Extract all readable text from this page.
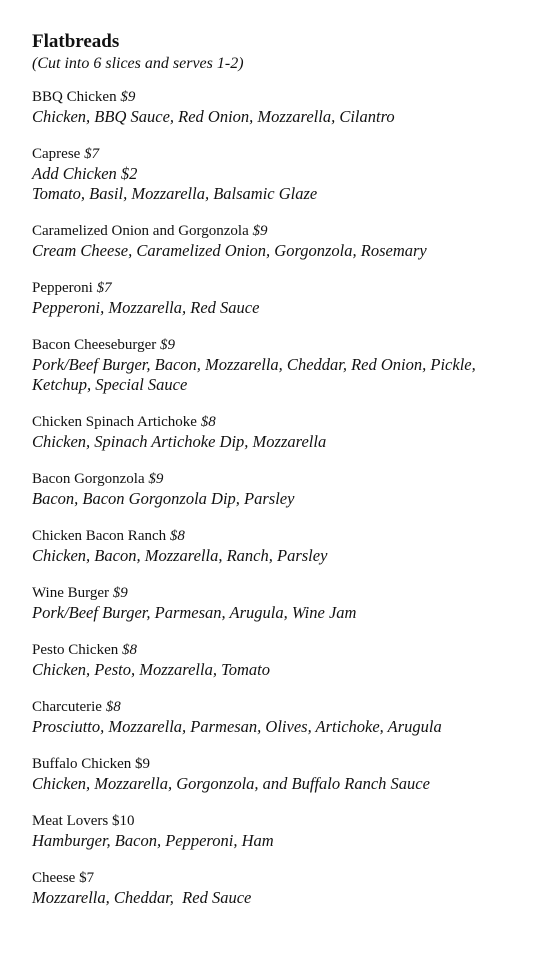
Flatbreads

(Cut into 6 slices and serves 1-2)

BBQ Chicken $9
Chicken, BBQ Sauce, Red Onion, Mozzarella, Cilantro
Caprese $7
Add Chicken $2
Tomato, Basil, Mozzarella, Balsamic Glaze
Caramelized Onion and Gorgonzola $9
Cream Cheese, Caramelized Onion, Gorgonzola, Rosemary
Pepperoni $7
Pepperoni, Mozzarella, Red Sauce
Bacon Cheeseburger $9
Pork/Beef Burger, Bacon, Mozzarella, Cheddar, Red Onion, Pickle,
Ketchup, Special Sauce
Chicken Spinach Artichoke $8
Chicken, Spinach Artichoke Dip, Mozzarella
Bacon Gorgonzola $9
Bacon, Bacon Gorgonzola Dip, Parsley
Chicken Bacon Ranch $8
Chicken, Bacon, Mozzarella, Ranch, Parsley
Wine Burger $9
Pork/Beef Burger, Parmesan, Arugula, Wine Jam
Pesto Chicken $8
Chicken, Pesto, Mozzarella, Tomato
Charcuterie $8
Prosciutto, Mozzarella, Parmesan, Olives, Artichoke, Arugula
Buffalo Chicken $9
Chicken, Mozzarella, Gorgonzola, and Buffalo Ranch Sauce
Meat Lovers $10
Hamburger, Bacon, Pepperoni, Ham
Cheese $7
Mozzarella, Cheddar,  Red Sauce
